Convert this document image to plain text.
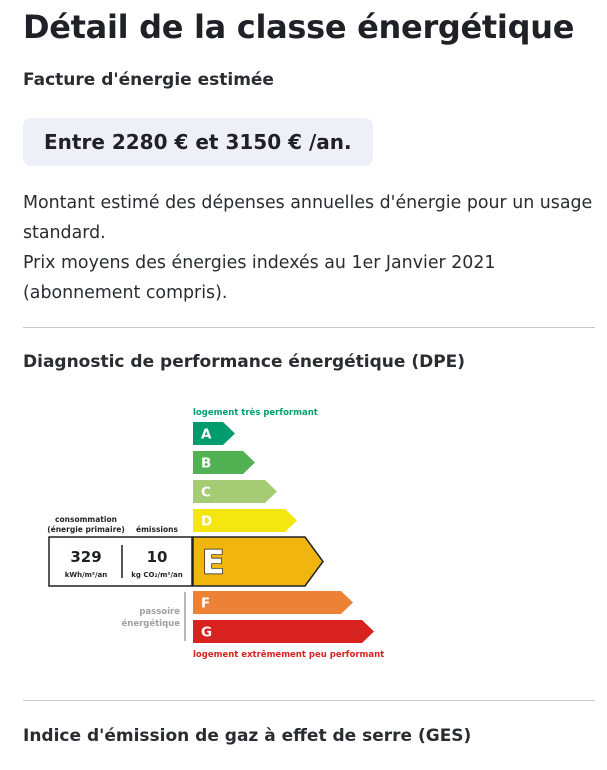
Détail de la classe énergétique
Facture d'énergie estimée
Entre 2280 € et 3150 € /an.

Montant estimé des dépenses annuelles d'énergie pour un usage standard.

Prix moyens des énergies indexés au 1er Janvier 2021 (abonnement compris).

Diagnostic de performance énergétique (DPE)
logement très performant
A
B
C
D
E
F
G
logement extrêmement peu performant
consommation
(énergie primaire) émissions
329
kWh/m²/an
10
kg CO₂/m²/an
passoire
énergétique
Indice d'émission de gaz à effet de serre (GES)
